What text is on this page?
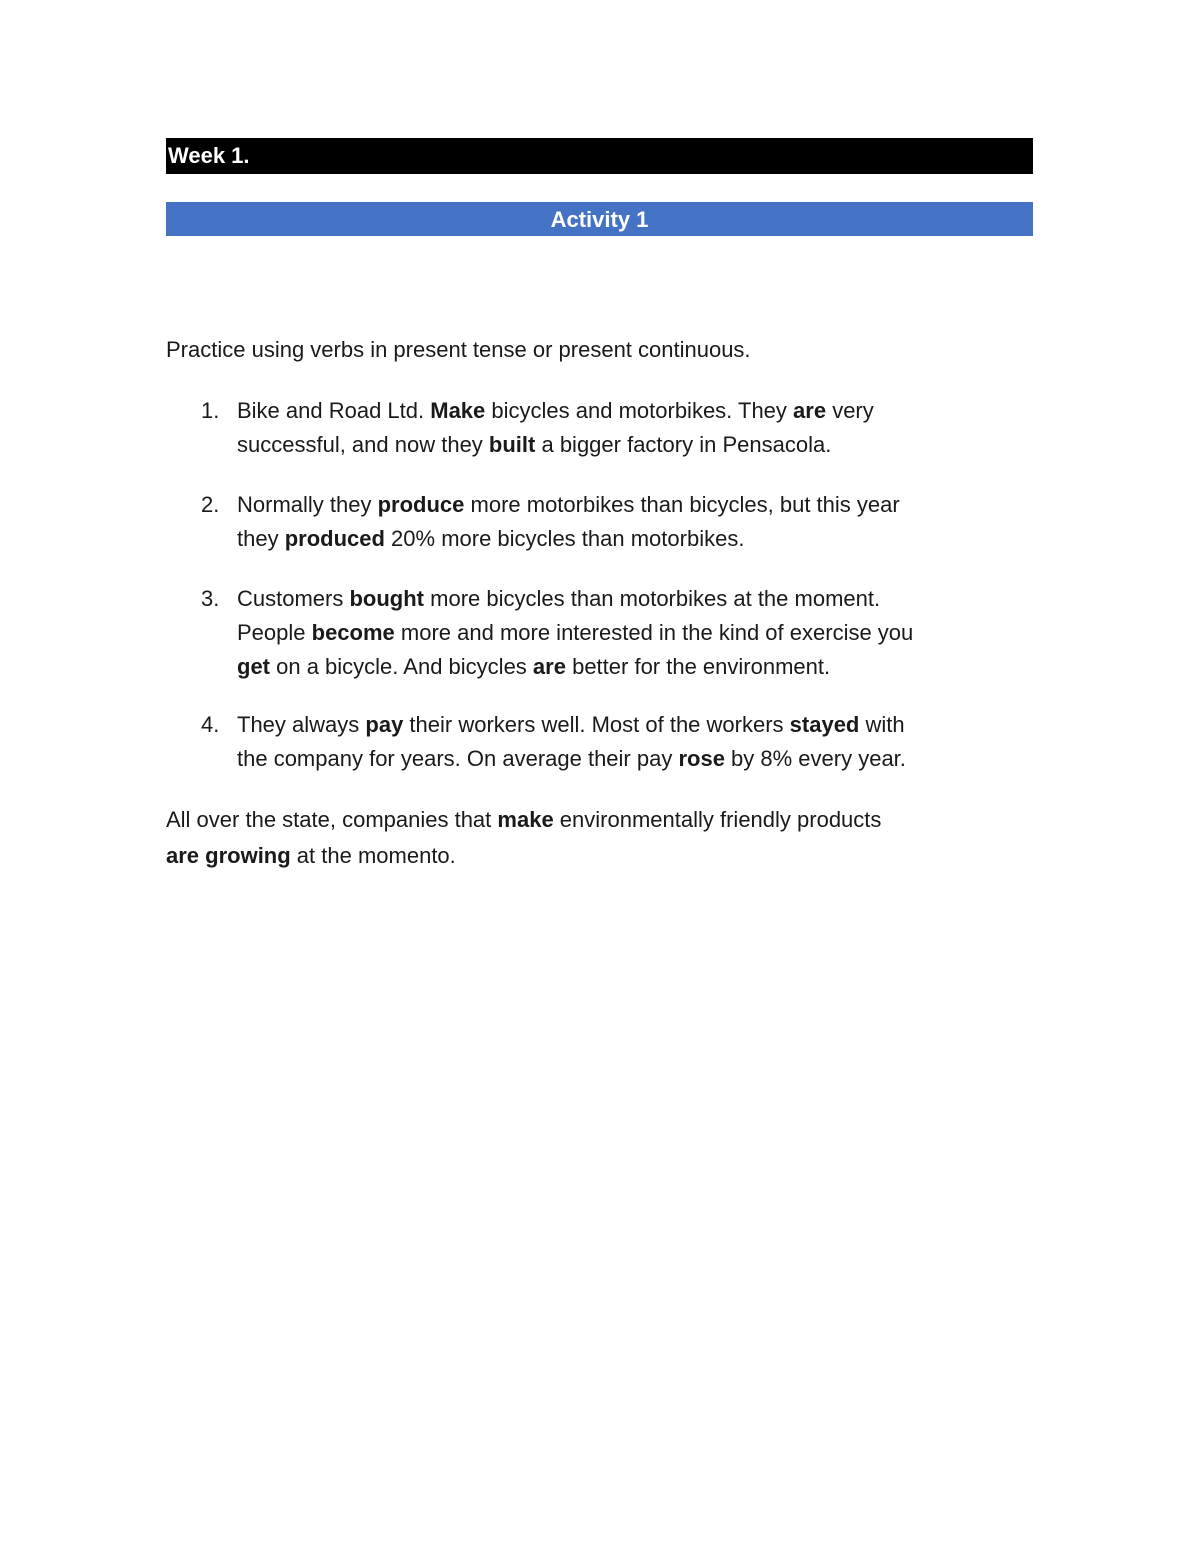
Week 1.
Activity 1

Practice using verbs in present tense or present continuous.

1. Bike and Road Ltd. Make bicycles and motorbikes. They are very
successful, and now they built a bigger factory in Pensacola.
2. Normally they produce more motorbikes than bicycles, but this year
they produced 20% more bicycles than motorbikes.
3. Customers bought more bicycles than motorbikes at the moment.
People become more and more interested in the kind of exercise you
get on a bicycle. And bicycles are better for the environment.
4. They always pay their workers well. Most of the workers stayed with
the company for years. On average their pay rose by 8% every year.
All over the state, companies that make environmentally friendly products
are growing at the momento.
